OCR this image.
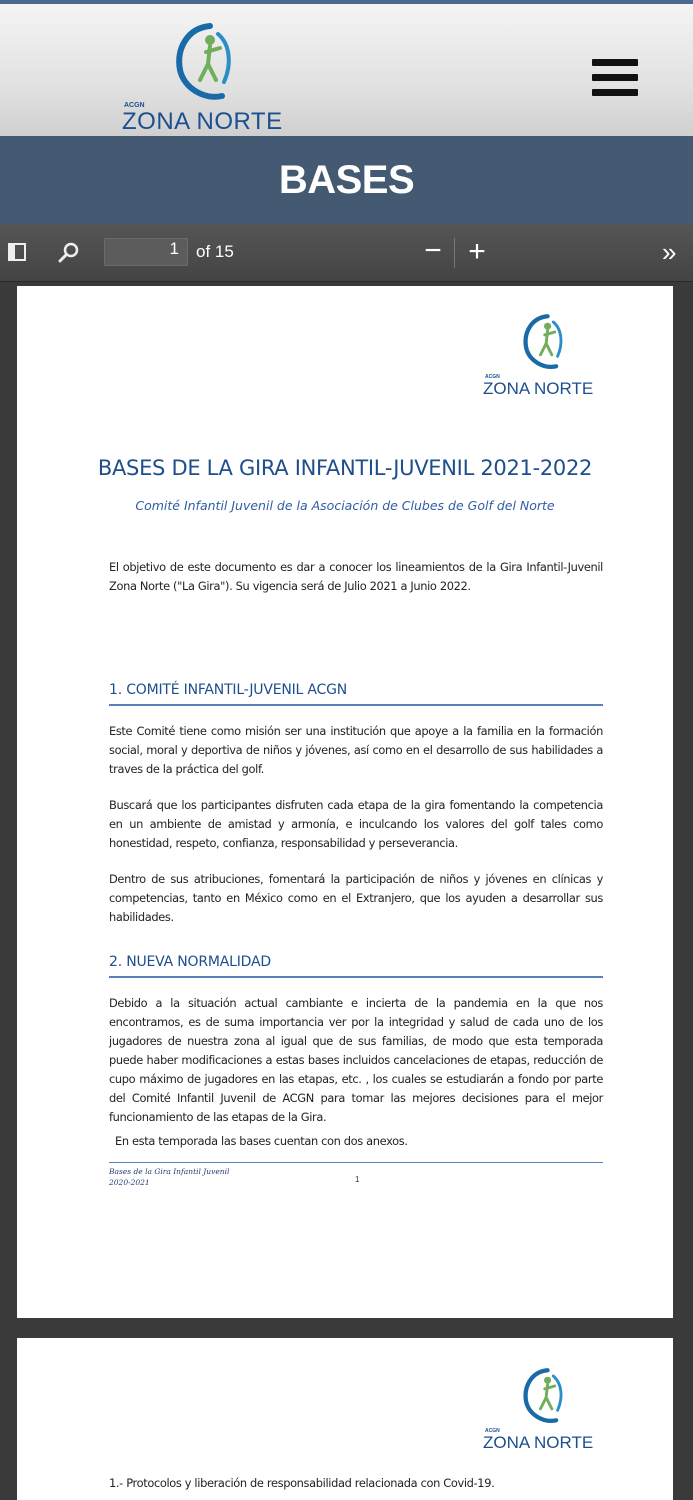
ACGN
ZONA NORTE
BASES
1	of 15	− +	»
ACGN
ZONA NORTE
BASES DE LA GIRA INFANTIL-JUVENIL 2021-2022
Comité Infantil Juvenil de la Asociación de Clubes de Golf del Norte
El objetivo de este documento es dar a conocer los lineamientos de la Gira Infantil-Juvenil Zona Norte ("La Gira"). Su vigencia será de Julio 2021 a Junio 2022.
1. COMITÉ INFANTIL-JUVENIL ACGN
Este Comité tiene como misión ser una institución que apoye a la familia en la formación social, moral y deportiva de niños y jóvenes, así como en el desarrollo de sus habilidades a traves de la práctica del golf.
Buscará que los participantes disfruten cada etapa de la gira fomentando la competencia en un ambiente de amistad y armonía, e inculcando los valores del golf tales como honestidad, respeto, confianza, responsabilidad y perseverancia.
Dentro de sus atribuciones, fomentará la participación de niños y jóvenes en clínicas y competencias, tanto en México como en el Extranjero, que los ayuden a desarrollar sus habilidades.
2. NUEVA NORMALIDAD
Debido a la situación actual cambiante e incierta de la pandemia en la que nos encontramos, es de suma importancia ver por la integridad y salud de cada uno de los jugadores de nuestra zona al igual que de sus familias, de modo que esta temporada puede haber modificaciones a estas bases incluidos cancelaciones de etapas, reducción de cupo máximo de jugadores en las etapas, etc. , los cuales se estudiarán a fondo por parte del Comité Infantil Juvenil de ACGN para tomar las mejores decisiones para el mejor funcionamiento de las etapas de la Gira.
En esta temporada las bases cuentan con dos anexos.
Bases de la Gira Infantil Juvenil
2020-2021	1
ACGN
ZONA NORTE
1.- Protocolos y liberación de responsabilidad relacionada con Covid-19.
